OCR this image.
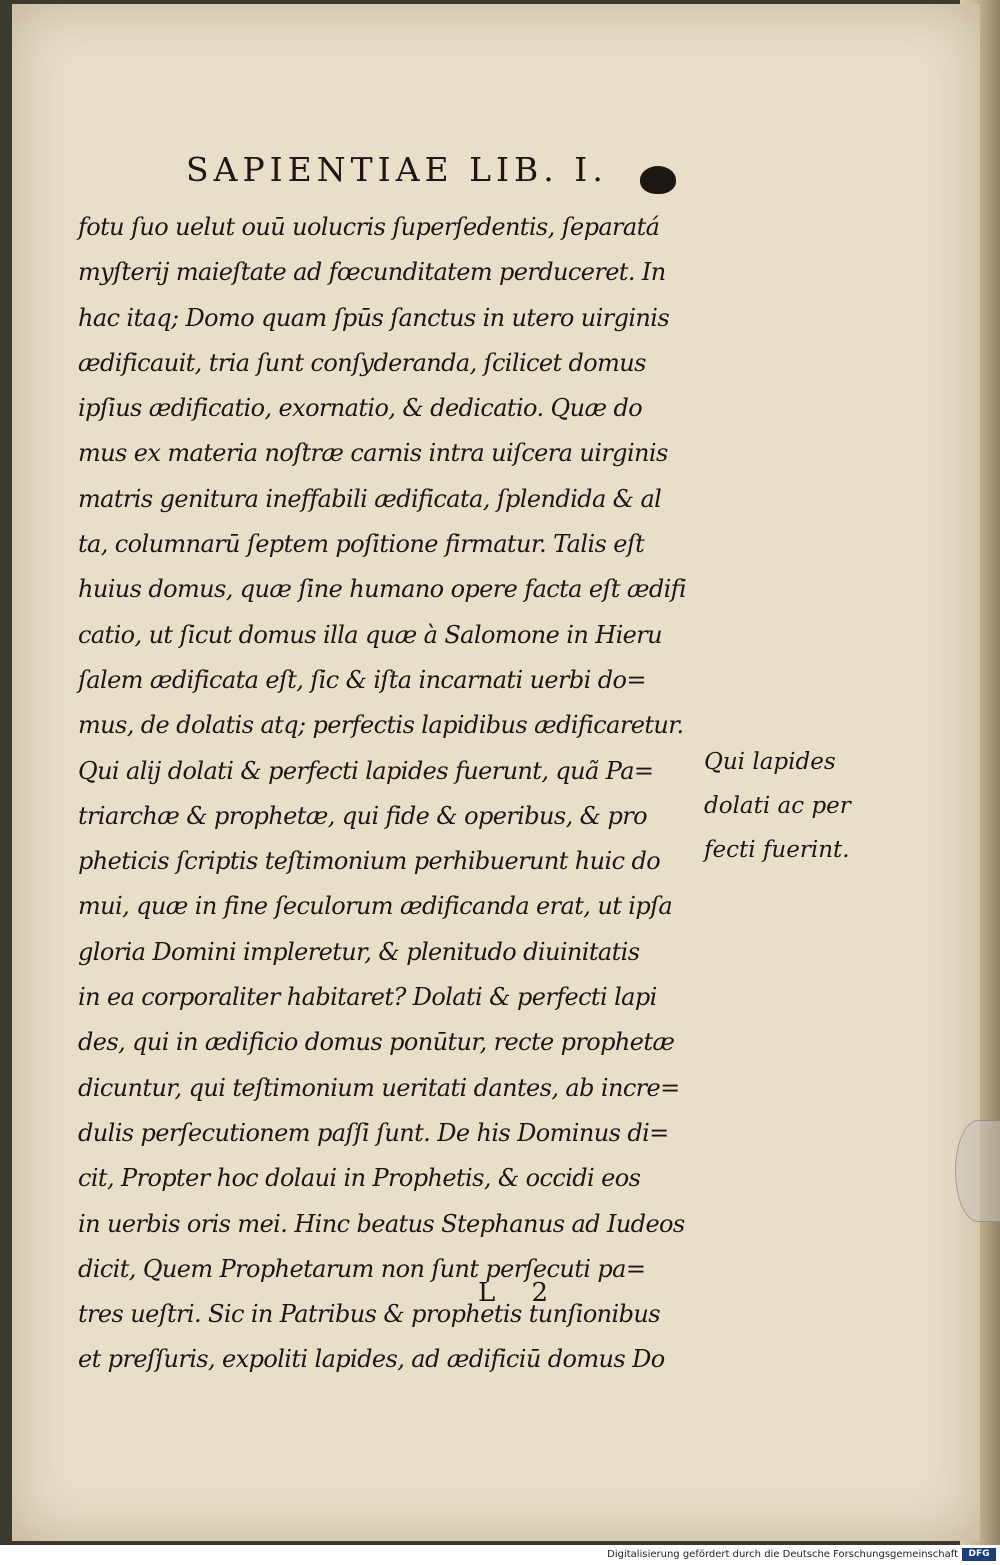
SAPIENTIAE LIB. I.
fotu ſuo uelut ouū uolucris ſuperſedentis, ſeparatá
myſterij maieſtate ad fœcunditatem perduceret. In
hac itaq; Domo quam ſpūs ſanctus in utero uirginis
ædificauit, tria ſunt conſyderanda, ſcilicet domus
ipſius ædificatio, exornatio, & dedicatio. Quæ do
mus ex materia noſtræ carnis intra uiſcera uirginis
matris genitura ineffabili ædificata, ſplendida & al
ta, columnarū ſeptem poſitione firmatur. Talis eſt
huius domus, quæ ſine humano opere facta eſt ædifi
catio, ut ſicut domus illa quæ à Salomone in Hieru
ſalem ædificata eſt, ſic & iſta incarnati uerbi do=
mus, de dolatis atq; perfectis lapidibus ædificaretur.
Qui alij dolati & perfecti lapides fuerunt, quã Pa=
triarchæ & prophetæ, qui fide & operibus, & pro
pheticis ſcriptis teſtimonium perhibuerunt huic do
mui, quæ in fine ſeculorum ædificanda erat, ut ipſa
gloria Domini impleretur, & plenitudo diuinitatis
in ea corporaliter habitaret? Dolati & perfecti lapi
des, qui in ædificio domus ponūtur, recte prophetæ
dicuntur, qui teſtimonium ueritati dantes, ab incre=
dulis perſecutionem paſſi ſunt. De his Dominus di=
cit, Propter hoc dolaui in Prophetis, & occidi eos
in uerbis oris mei. Hinc beatus Stephanus ad Iudeos
dicit, Quem Prophetarum non ſunt perſecuti pa=
tres ueſtri. Sic in Patribus & prophetis tunſionibus
et preſſuris, expoliti lapides, ad ædificiū domus Do
Qui lapides
dolati ac per
fecti fuerint.
L 2
Digitalisierung gefördert durch die Deutsche Forschungsgemeinschaft	DFG
